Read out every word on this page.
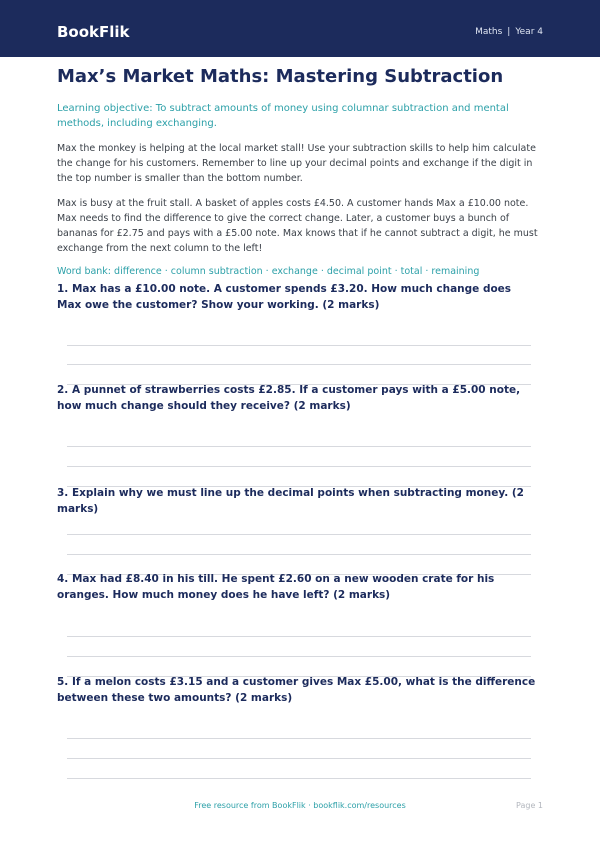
BookFlik	Maths | Year 4
Max’s Market Maths: Mastering Subtraction

Learning objective: To subtract amounts of money using columnar subtraction and mental methods, including exchanging.

Max the monkey is helping at the local market stall! Use your subtraction skills to help him calculate the change for his customers. Remember to line up your decimal points and exchange if the digit in the top number is smaller than the bottom number.

Max is busy at the fruit stall. A basket of apples costs £4.50. A customer hands Max a £10.00 note. Max needs to find the difference to give the correct change. Later, a customer buys a bunch of bananas for £2.75 and pays with a £5.00 note. Max knows that if he cannot subtract a digit, he must exchange from the next column to the left!

Word bank: difference · column subtraction · exchange · decimal point · total · remaining

1. Max has a £10.00 note. A customer spends £3.20. How much change does Max owe the customer? Show your working. (2 marks)

2. A punnet of strawberries costs £2.85. If a customer pays with a £5.00 note, how much change should they receive? (2 marks)

3. Explain why we must line up the decimal points when subtracting money. (2 marks)

4. Max had £8.40 in his till. He spent £2.60 on a new wooden crate for his oranges. How much money does he have left? (2 marks)

5. If a melon costs £3.15 and a customer gives Max £5.00, what is the difference between these two amounts? (2 marks)

Free resource from BookFlik · bookflik.com/resources	Page 1
